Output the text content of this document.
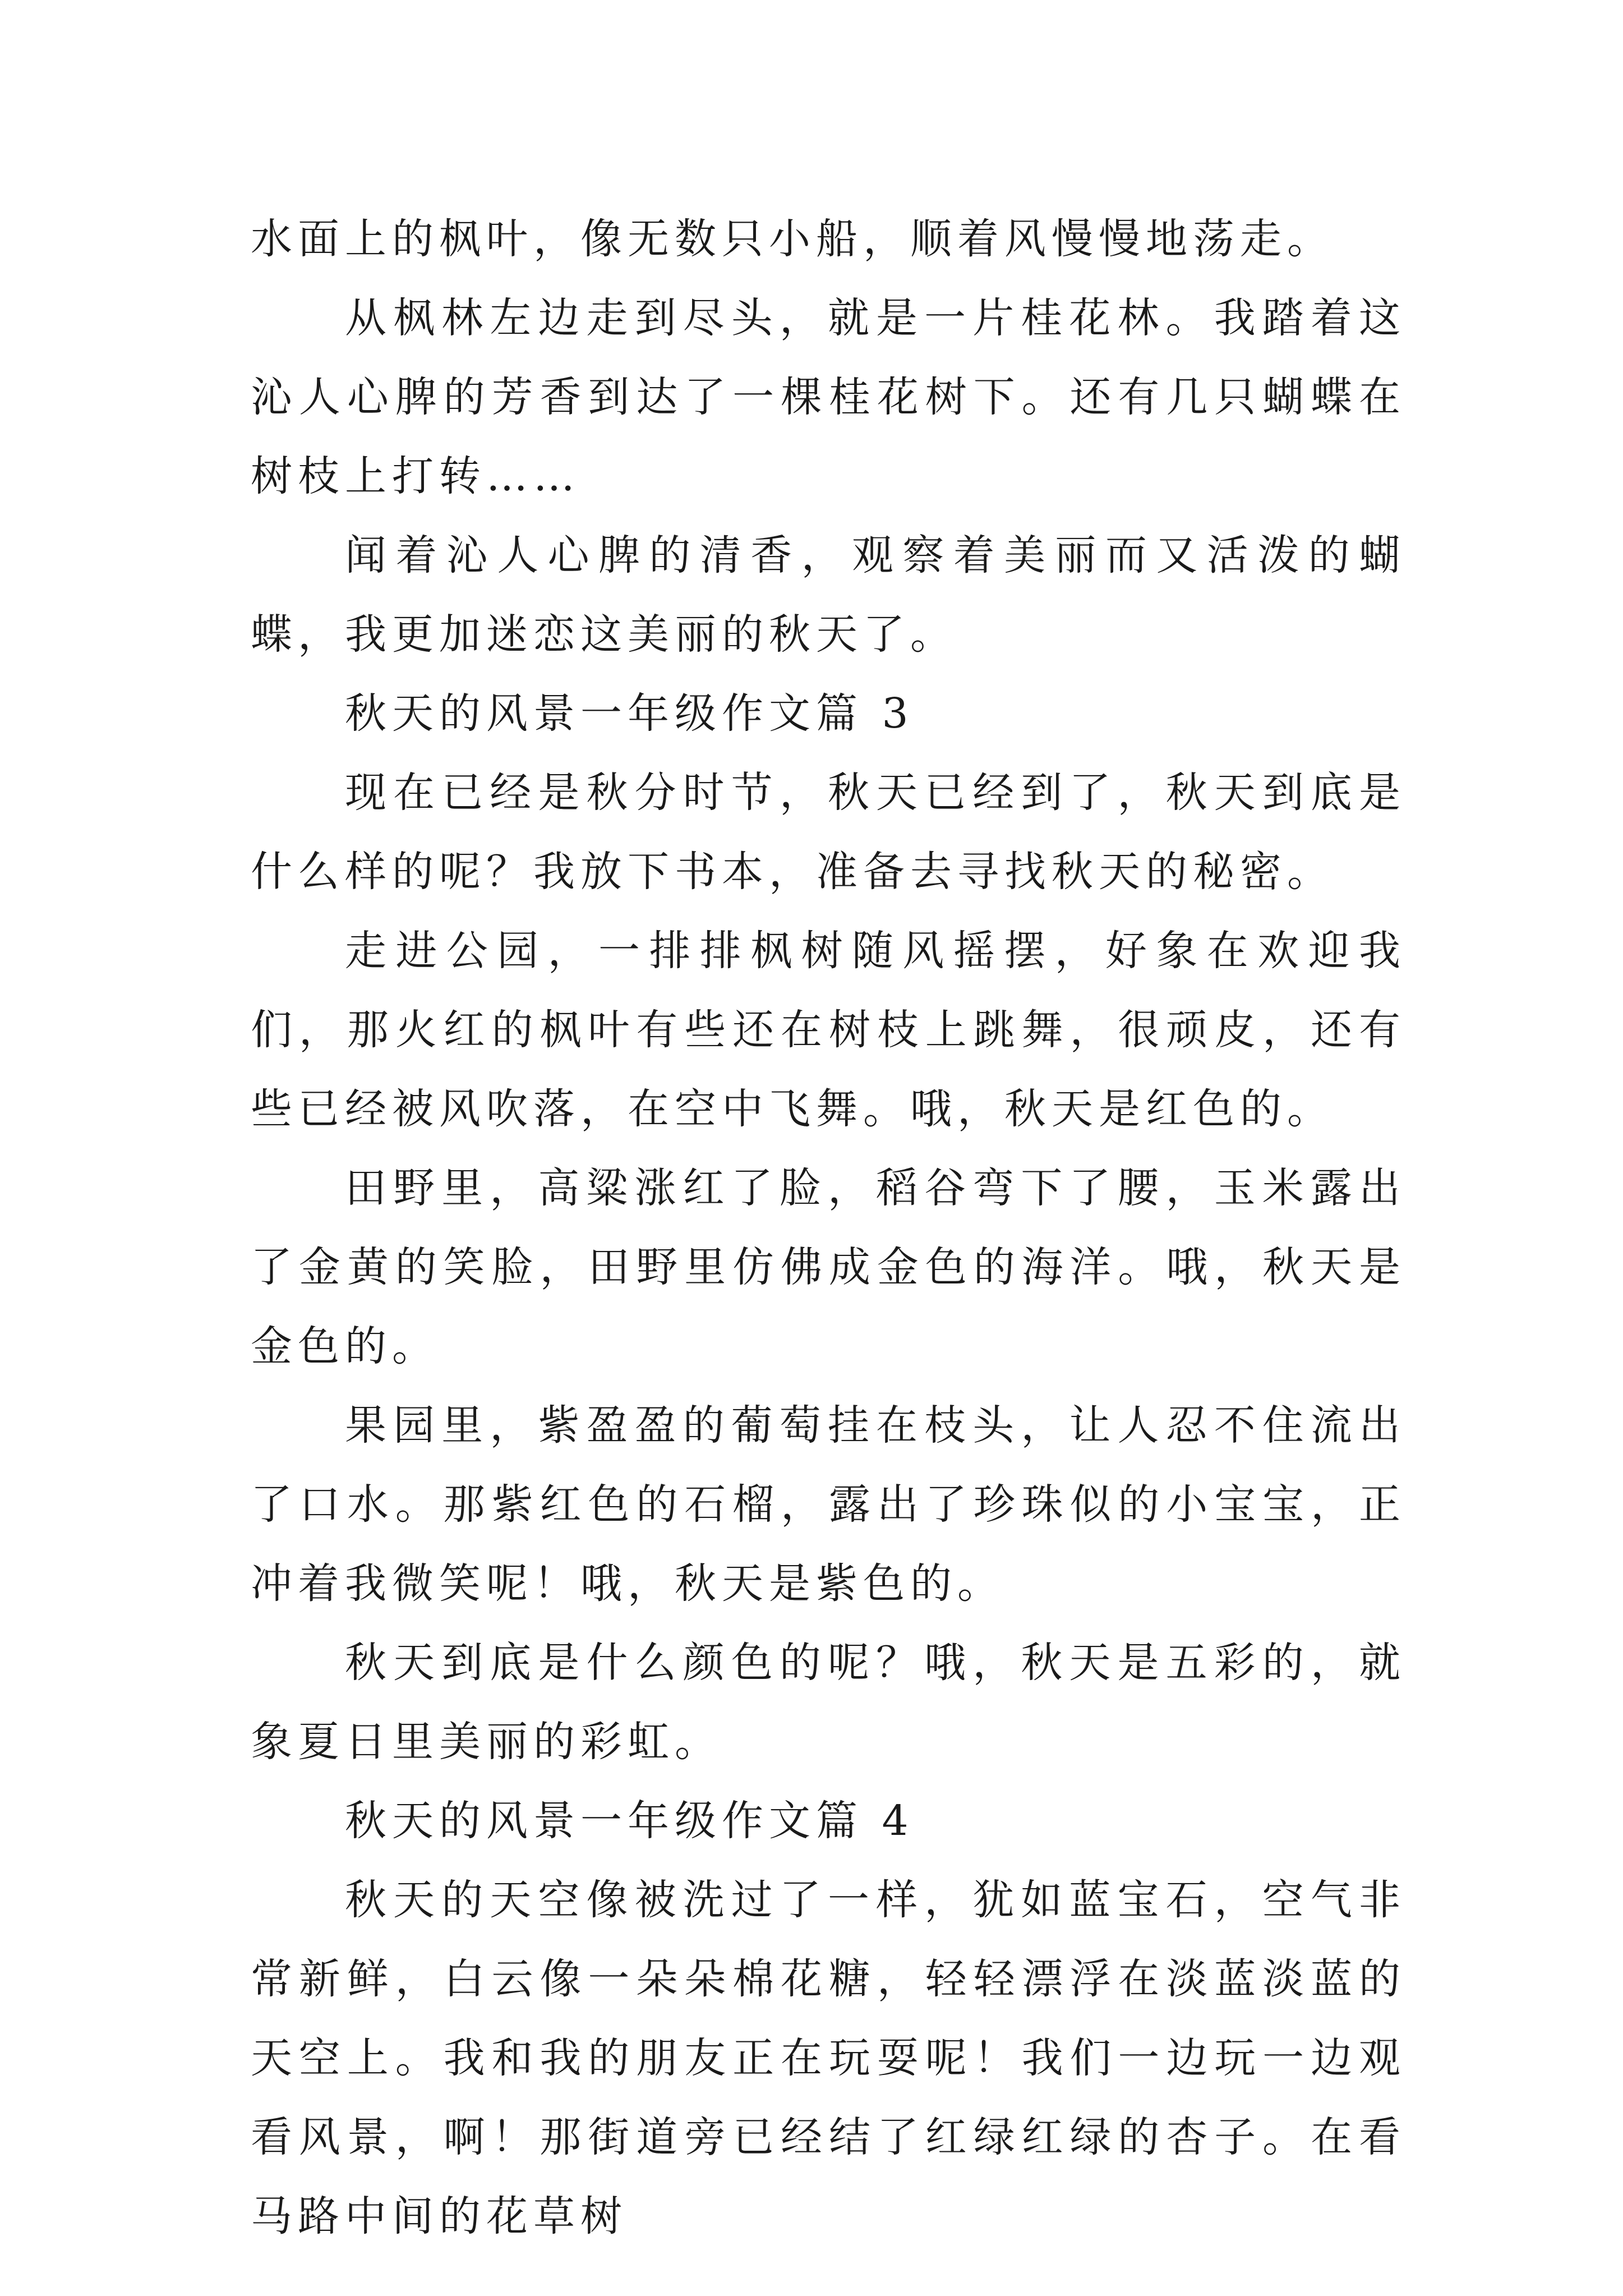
水面上的枫叶，像无数只小船，顺着风慢慢地荡走。

从枫林左边走到尽头，就是一片桂花林。我踏着这沁人心脾的芳香到达了一棵桂花树下。还有几只蝴蝶在树枝上打转……

闻着沁人心脾的清香，观察着美丽而又活泼的蝴蝶，我更加迷恋这美丽的秋天了。

秋天的风景一年级作文篇 3

现在已经是秋分时节，秋天已经到了，秋天到底是什么样的呢？我放下书本，准备去寻找秋天的秘密。

走进公园，一排排枫树随风摇摆，好象在欢迎我们，那火红的枫叶有些还在树枝上跳舞，很顽皮，还有些已经被风吹落，在空中飞舞。哦，秋天是红色的。

田野里，高粱涨红了脸，稻谷弯下了腰，玉米露出了金黄的笑脸，田野里仿佛成金色的海洋。哦，秋天是金色的。

果园里，紫盈盈的葡萄挂在枝头，让人忍不住流出了口水。那紫红色的石榴，露出了珍珠似的小宝宝，正冲着我微笑呢！哦，秋天是紫色的。

秋天到底是什么颜色的呢？哦，秋天是五彩的，就象夏日里美丽的彩虹。

秋天的风景一年级作文篇 4

秋天的天空像被洗过了一样，犹如蓝宝石，空气非常新鲜，白云像一朵朵棉花糖，轻轻漂浮在淡蓝淡蓝的天空上。我和我的朋友正在玩耍呢！我们一边玩一边观看风景，啊！那街道旁已经结了红绿红绿的杏子。在看马路中间的花草树
